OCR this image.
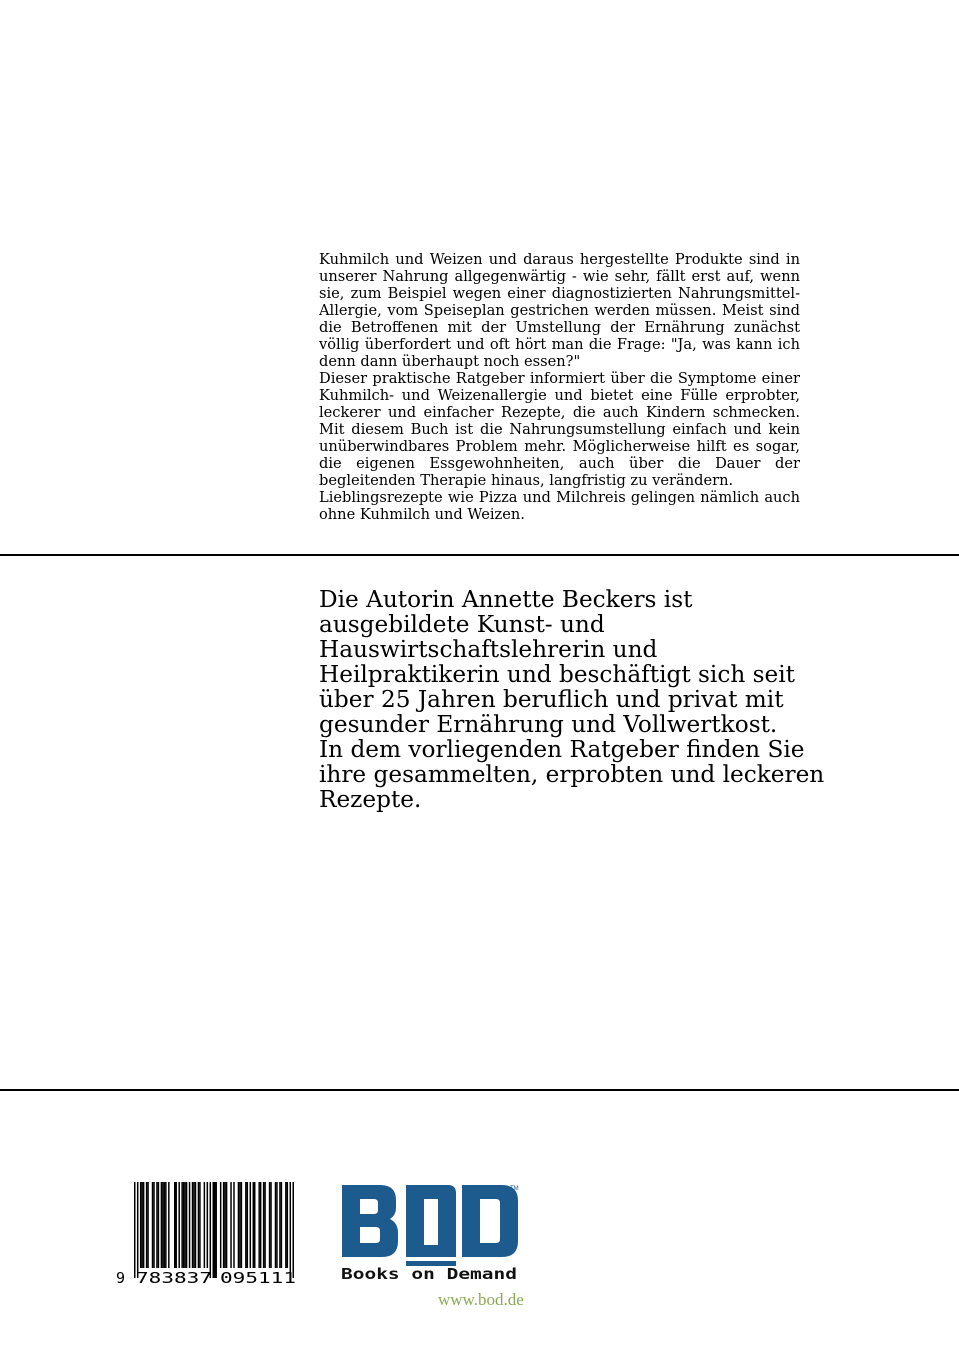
Kuhmilch und Weizen und daraus hergestellte Produkte sind in unserer Nahrung allgegenwärtig - wie sehr, fällt erst auf, wenn sie, zum Beispiel wegen einer diagnostizierten Nahrungsmittel-Allergie, vom Speiseplan gestrichen werden müssen. Meist sind die Betroffenen mit der Umstellung der Ernährung zunächst völlig überfordert und oft hört man die Frage: "Ja, was kann ich denn dann überhaupt noch essen?"

Dieser praktische Ratgeber informiert über die Symptome einer Kuhmilch- und Weizenallergie und bietet eine Fülle erprobter, leckerer und einfacher Rezepte, die auch Kindern schmecken. Mit diesem Buch ist die Nahrungsumstellung einfach und kein unüberwindbares Problem mehr. Möglicherweise hilft es sogar, die eigenen Essgewohnheiten, auch über die Dauer der begleitenden Therapie hinaus, langfristig zu verändern.

Lieblingsrezepte wie Pizza und Milchreis gelingen nämlich auch ohne Kuhmilch und Weizen.

Die Autorin Annette Beckers ist ausgebildete Kunst- und Hauswirtschaftslehrerin und Heilpraktikerin und beschäftigt sich seit über 25 Jahren beruflich und privat mit gesunder Ernährung und Vollwertkost.

In dem vorliegenden Ratgeber finden Sie ihre gesammelten, erprobten und leckeren Rezepte.

9 783837 095111
TM
Books on Demand
www.bod.de
